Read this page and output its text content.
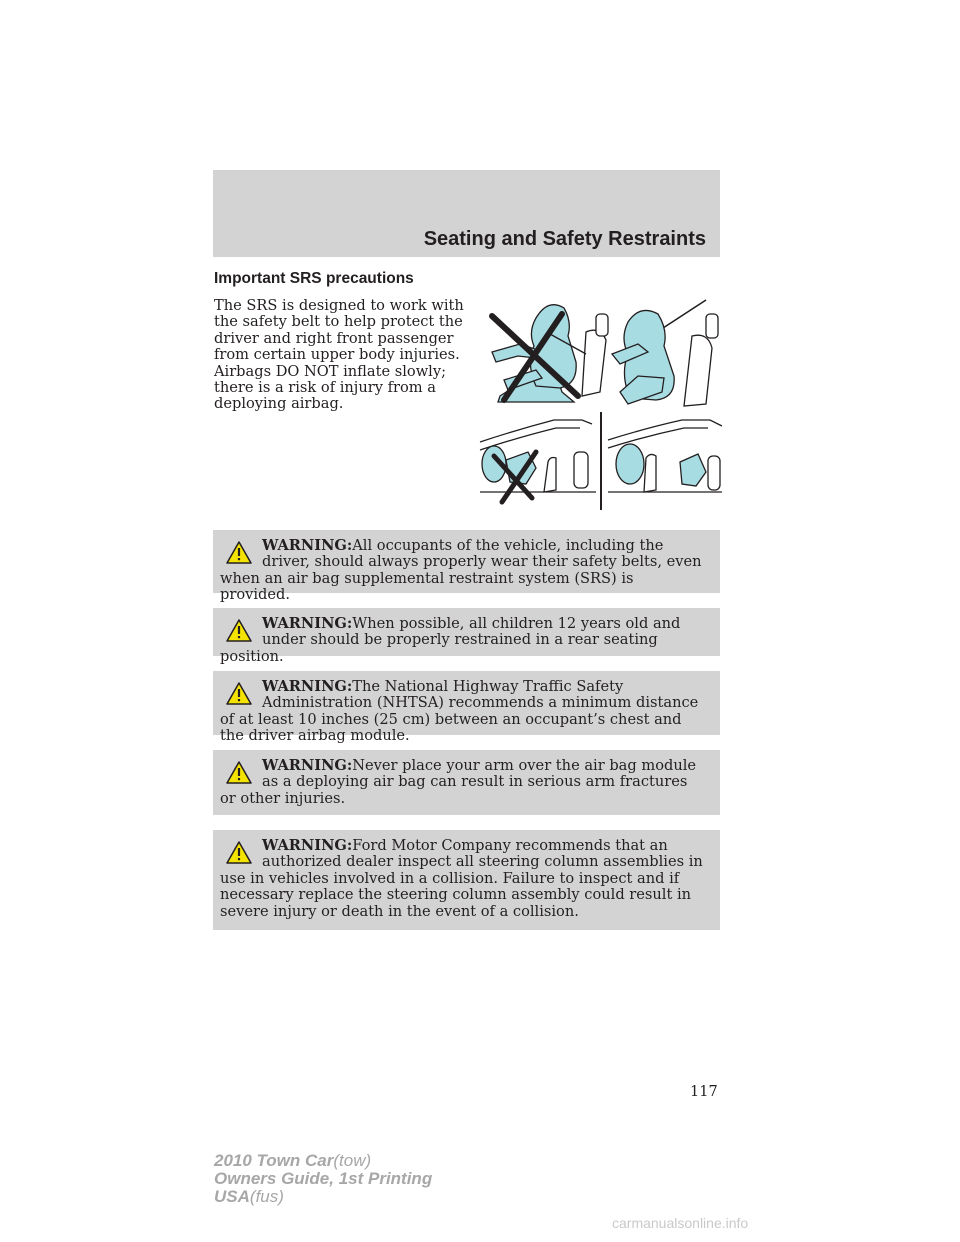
Seating and Safety Restraints
Important SRS precautions
The SRS is designed to work with
the safety belt to help protect the
driver and right front passenger
from certain upper body injuries.
Airbags DO NOT inflate slowly;
there is a risk of injury from a
deploying airbag.
WARNING:All occupants of the vehicle, including the driver, should always properly wear their safety belts, even when an air bag supplemental restraint system (SRS) is provided.
WARNING:When possible, all children 12 years old and under should be properly restrained in a rear seating position.
WARNING:The National Highway Traffic Safety Administration (NHTSA) recommends a minimum distance of at least 10 inches (25 cm) between an occupant’s chest and the driver airbag module.
WARNING:Never place your arm over the air bag module as a deploying air bag can result in serious arm fractures or other injuries.
WARNING:Ford Motor Company recommends that an authorized dealer inspect all steering column assemblies in use in vehicles involved in a collision. Failure to inspect and if necessary replace the steering column assembly could result in severe injury or death in the event of a collision.
117
2010 Town Car(tow)
Owners Guide, 1st Printing
USA(fus)
carmanualsonline.info
